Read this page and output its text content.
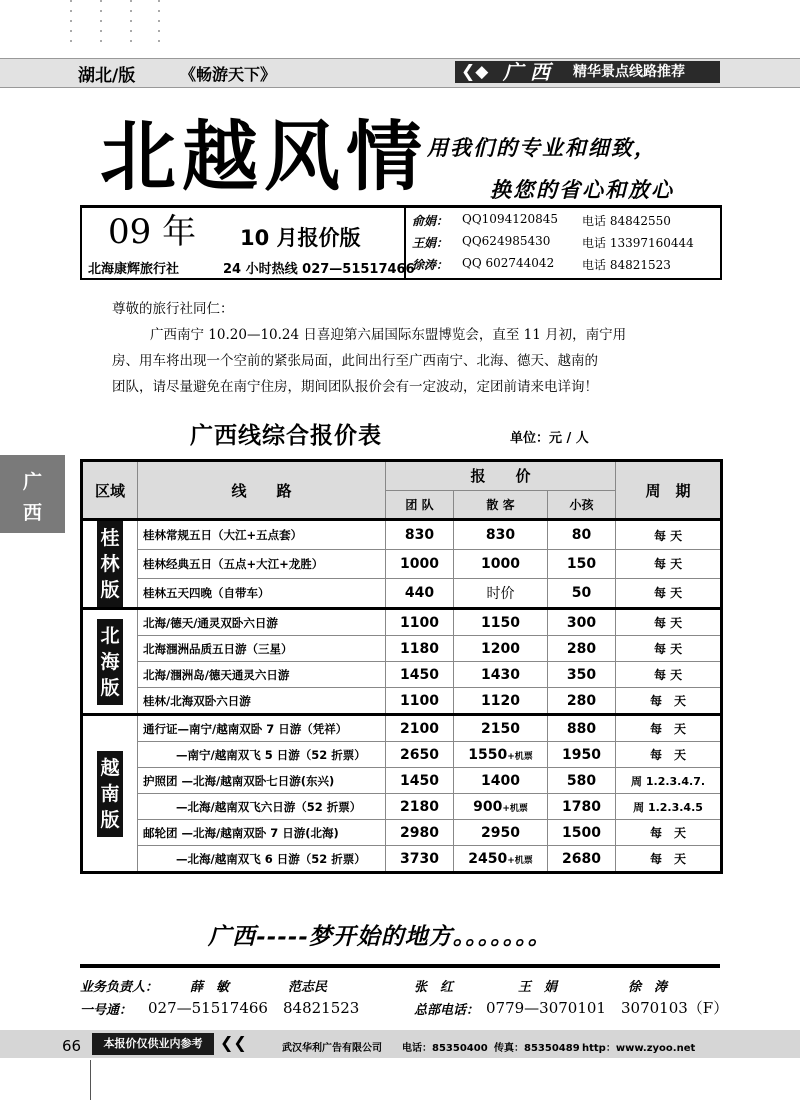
湖北/版	《畅游天下》	❮◆ 广 西 精华景点线路推荐
北越风情 用我们的专业和细致，
换您的省心和放心
09 年 10 月报价版
北海康辉旅行社	24 小时热线 027—51517466
俞娟： QQ1094120845 电话 84842550
王娟： QQ624985430	电话 13397160444
徐涛： QQ 602744042 电话 84821523
尊敬的旅行社同仁：
广西南宁 10.20—10.24 日喜迎第六届国际东盟博览会，直至 11 月初，南宁用
房、用车将出现一个空前的紧张局面，此间出行至广西南宁、北海、德天、越南的
团队，请尽量避免在南宁住房，期间团队报价会有一定波动，定团前请来电详询！
广
西
广西线综合报价表	单位：元 / 人
区域	线　　路	报　　价			周　期
		团 队	散 客	小孩	
桂林版	桂林常规五日（大江+五点套）	830	830	80	每 天
	桂林经典五日（五点+大江+龙胜）	1000	1000	150	每 天
	桂林五天四晚（自带车）	440	时价	50	每 天
北海版	北海/德天/通灵双卧六日游	1100	1150	300	每 天
	北海涠洲品质五日游（三星）	1180	1200	280	每 天
	北海/涠洲岛/德天通灵六日游	1450	1430	350	每 天
	桂林/北海双卧六日游	1100	1120	280	每　天
越南版	通行证—南宁/越南双卧 7 日游（凭祥）	2100	2150	880	每　天
	—南宁/越南双飞 5 日游（52 折票）	2650	1550+机票	1950	每　天
	护照团 —北海/越南双卧七日游(东兴)	1450	1400	580	周 1.2.3.4.7.
	—北海/越南双飞六日游（52 折票）	2180	900+机票	1780	周 1.2.3.4.5
	邮轮团 —北海/越南双卧 7 日游(北海)	2980	2950	1500	每　天
	—北海/越南双飞 6 日游（52 折票）	3730	2450+机票	2680	每　天
广西-----梦开始的地方。。。。。。。
业务负责人： 薛　敏	范志民	张　红	王　娟	徐　涛
一号通： 027—51517466　84821523	总部电话： 0779—3070101　3070103（F）
66	本报价仅供业内参考	❮❮	武汉华利广告有限公司 电话：85350400 传真：85350489 http：www.zyoo.net
